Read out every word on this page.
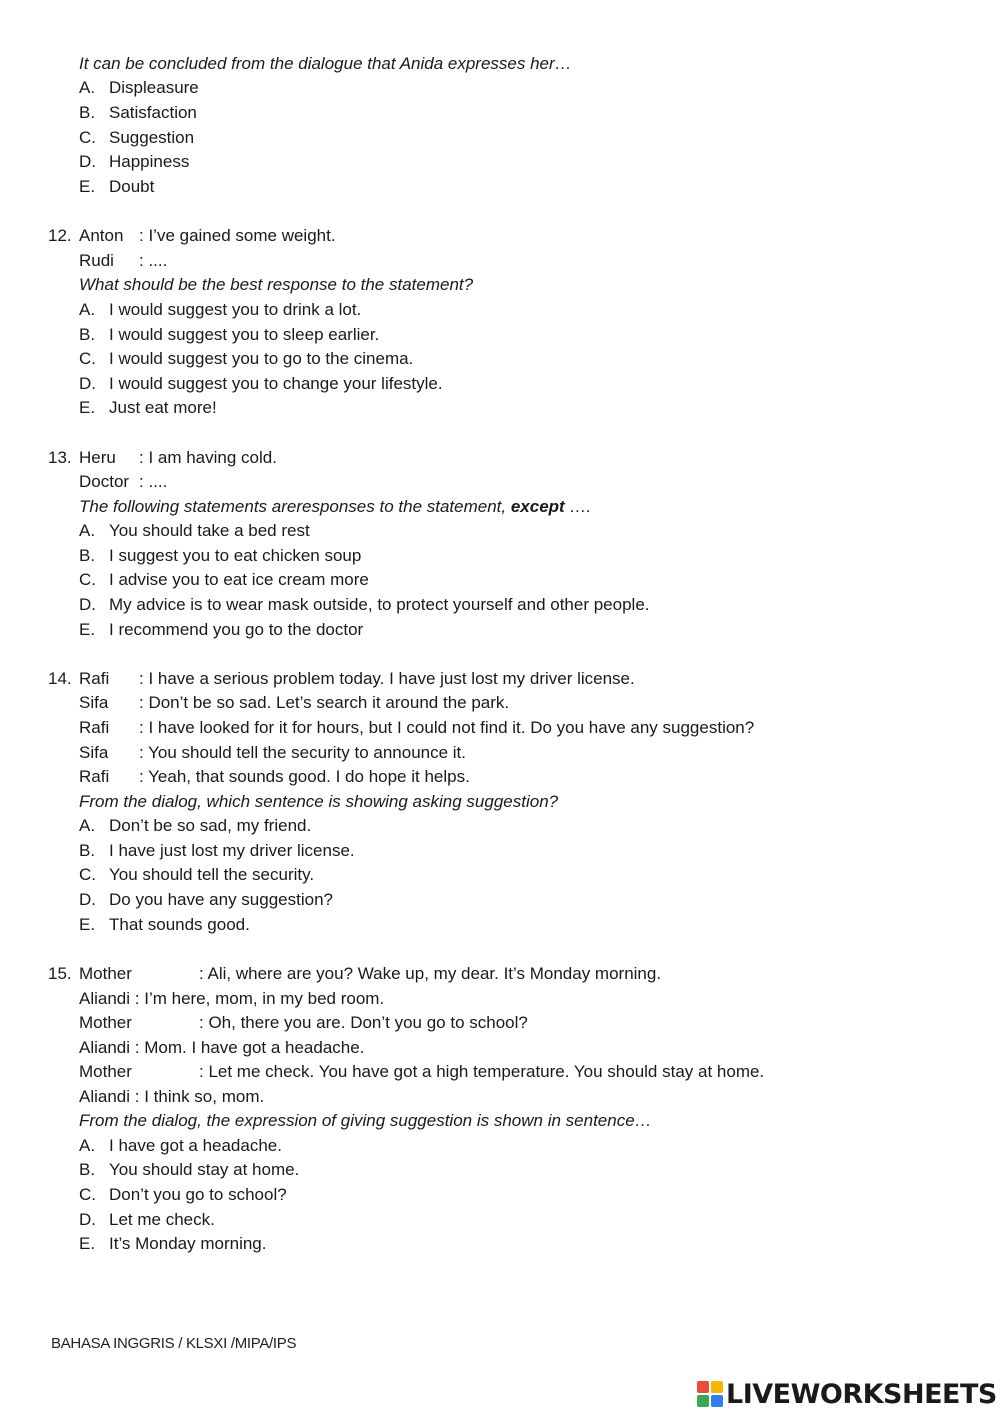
It can be concluded from the dialogue that Anida expresses her…
A. Displeasure
B. Satisfaction
C. Suggestion
D. Happiness
E. Doubt
12. Anton : I’ve gained some weight.
Rudi : ....
What should be the best response to the statement?
A. I would suggest you to drink a lot.
B. I would suggest you to sleep earlier.
C. I would suggest you to go to the cinema.
D. I would suggest you to change your lifestyle.
E. Just eat more!
13. Heru : I am having cold.
Doctor : ....
The following statements areresponses to the statement, except ….
A. You should take a bed rest
B. I suggest you to eat chicken soup
C. I advise you to eat ice cream more
D. My advice is to wear mask outside, to protect yourself and other people.
E. I recommend you go to the doctor
14. Rafi : I have a serious problem today. I have just lost my driver license.
Sifa : Don’t be so sad. Let’s search it around the park.
Rafi : I have looked for it for hours, but I could not find it. Do you have any suggestion?
Sifa : You should tell the security to announce it.
Rafi : Yeah, that sounds good. I do hope it helps.
From the dialog, which sentence is showing asking suggestion?
A. Don’t be so sad, my friend.
B. I have just lost my driver license.
C. You should tell the security.
D. Do you have any suggestion?
E. That sounds good.
15. Mother	: Ali, where are you? Wake up, my dear. It’s Monday morning.
Aliandi : I’m here, mom, in my bed room.
Mother	: Oh, there you are. Don’t you go to school?
Aliandi : Mom. I have got a headache.
Mother	: Let me check. You have got a high temperature. You should stay at home.
Aliandi : I think so, mom.
From the dialog, the expression of giving suggestion is shown in sentence…
A. I have got a headache.
B. You should stay at home.
C. Don’t you go to school?
D. Let me check.
E. It’s Monday morning.
BAHASA INGGRIS / KLSXI /MIPA/IPS
LIVEWORKSHEETS
